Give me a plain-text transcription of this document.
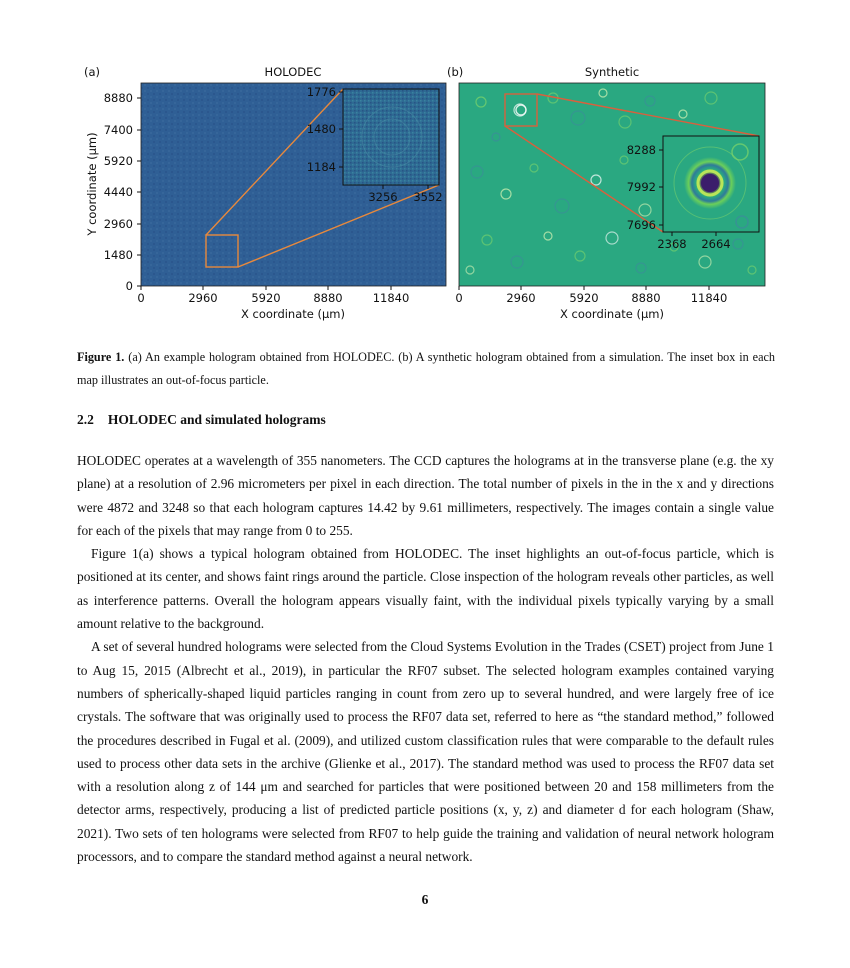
(a)	HOLODEC
1776
1480
1184
3256 3552
8880
7400
5920
4440
2960
1480
0
Y coordinate (μm)
0	2960	5920	8880	11840
X coordinate (μm)
(b)	Synthetic
8288
7992
7696
2368 2664
0	2960	5920	8880	11840
X coordinate (μm)
Figure 1. (a) An example hologram obtained from HOLODEC. (b) A synthetic hologram obtained from a simulation. The inset box in each map illustrates an out-of-focus particle.
2.2 HOLODEC and simulated holograms

HOLODEC operates at a wavelength of 355 nanometers. The CCD captures the holograms at in the transverse plane (e.g. the xy plane) at a resolution of 2.96 micrometers per pixel in each direction. The total number of pixels in the in the x and y directions were 4872 and 3248 so that each hologram captures 14.42 by 9.61 millimeters, respectively. The images contain a single value for each of the pixels that may range from 0 to 255.

Figure 1(a) shows a typical hologram obtained from HOLODEC. The inset highlights an out-of-focus particle, which is positioned at its center, and shows faint rings around the particle. Close inspection of the hologram reveals other particles, as well as interference patterns. Overall the hologram appears visually faint, with the individual pixels typically varying by a small amount relative to the background.

A set of several hundred holograms were selected from the Cloud Systems Evolution in the Trades (CSET) project from June 1 to Aug 15, 2015 (Albrecht et al., 2019), in particular the RF07 subset. The selected hologram examples contained varying numbers of spherically-shaped liquid particles ranging in count from zero up to several hundred, and were largely free of ice crystals. The software that was originally used to process the RF07 data set, referred to here as “the standard method,” followed the procedures described in Fugal et al. (2009), and utilized custom classification rules that were comparable to the default rules used to process other data sets in the archive (Glienke et al., 2017). The standard method was used to process the RF07 data set with a resolution along z of 144 μm and searched for particles that were positioned between 20 and 158 millimeters from the detector arms, respectively, producing a list of predicted particle positions (x, y, z) and diameter d for each hologram (Shaw, 2021). Two sets of ten holograms were selected from RF07 to help guide the training and validation of neural network hologram processors, and to compare the standard method against a neural network.

6
